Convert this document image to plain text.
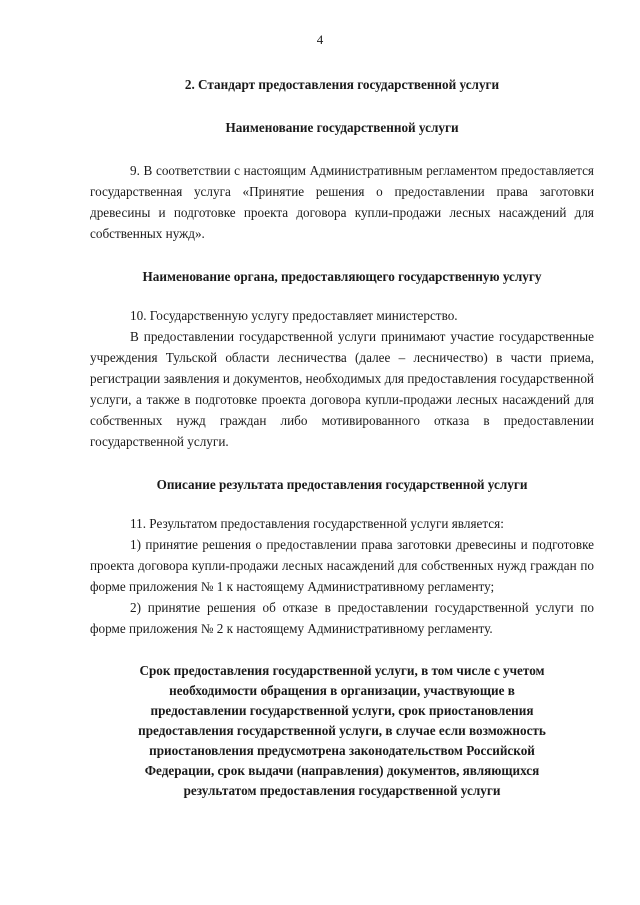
4

2. Стандарт предоставления государственной услуги

Наименование государственной услуги

9. В соответствии с настоящим Административным регламентом предоставляется государственная услуга «Принятие решения о предоставлении права заготовки древесины и подготовке проекта договора купли-продажи лесных насаждений для собственных нужд».

Наименование органа, предоставляющего государственную услугу

10. Государственную услугу предоставляет министерство.

В предоставлении государственной услуги принимают участие государственные учреждения Тульской области лесничества (далее – лесничество) в части приема, регистрации заявления и документов, необходимых для предоставления государственной услуги, а также в подготовке проекта договора купли-продажи лесных насаждений для собственных нужд граждан либо мотивированного отказа в предоставлении государственной услуги.

Описание результата предоставления государственной услуги

11. Результатом предоставления государственной услуги является:

1) принятие решения о предоставлении права заготовки древесины и подготовке проекта договора купли-продажи лесных насаждений для собственных нужд граждан по форме приложения № 1 к настоящему Административному регламенту;

2) принятие решения об отказе в предоставлении государственной услуги по форме приложения № 2 к настоящему Административному регламенту.

Срок предоставления государственной услуги, в том числе с учетом необходимости обращения в организации, участвующие в предоставлении государственной услуги, срок приостановления предоставления государственной услуги, в случае если возможность приостановления предусмотрена законодательством Российской Федерации, срок выдачи (направления) документов, являющихся результатом предоставления государственной услуги
